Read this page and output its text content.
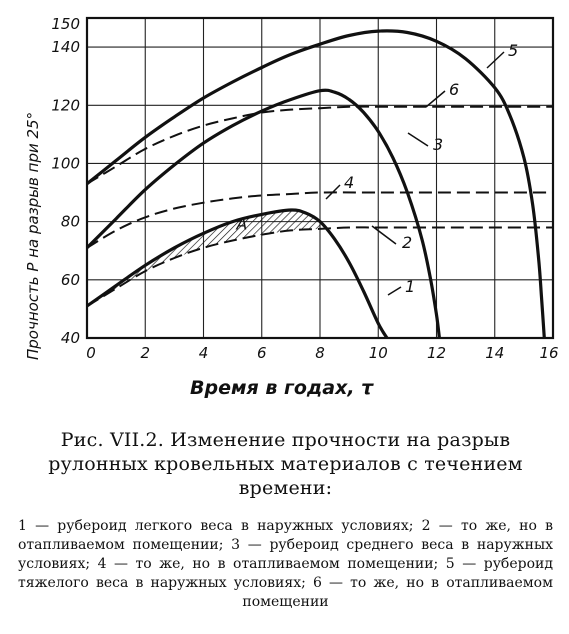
0	2	4	6	8	10	12	14 16
40
60
80
100
120
140
150
1
2
3
4
5
6
A
Прочность P на разрыв при 25°
Время в годах, τ
Рис. VII.2. Изменение прочности на разрыв рулонных кровельных материалов с течением времени:
1 — рубероид легкого веса в наружных условиях; 2 — то же, но в отапливаемом помещении; 3 — рубероид среднего веса в наружных условиях; 4 — то же, но в отапливаемом помещении; 5 — рубероид тяжелого веса в наружных условиях; 6 — то же, но в отапливаемом помещении
